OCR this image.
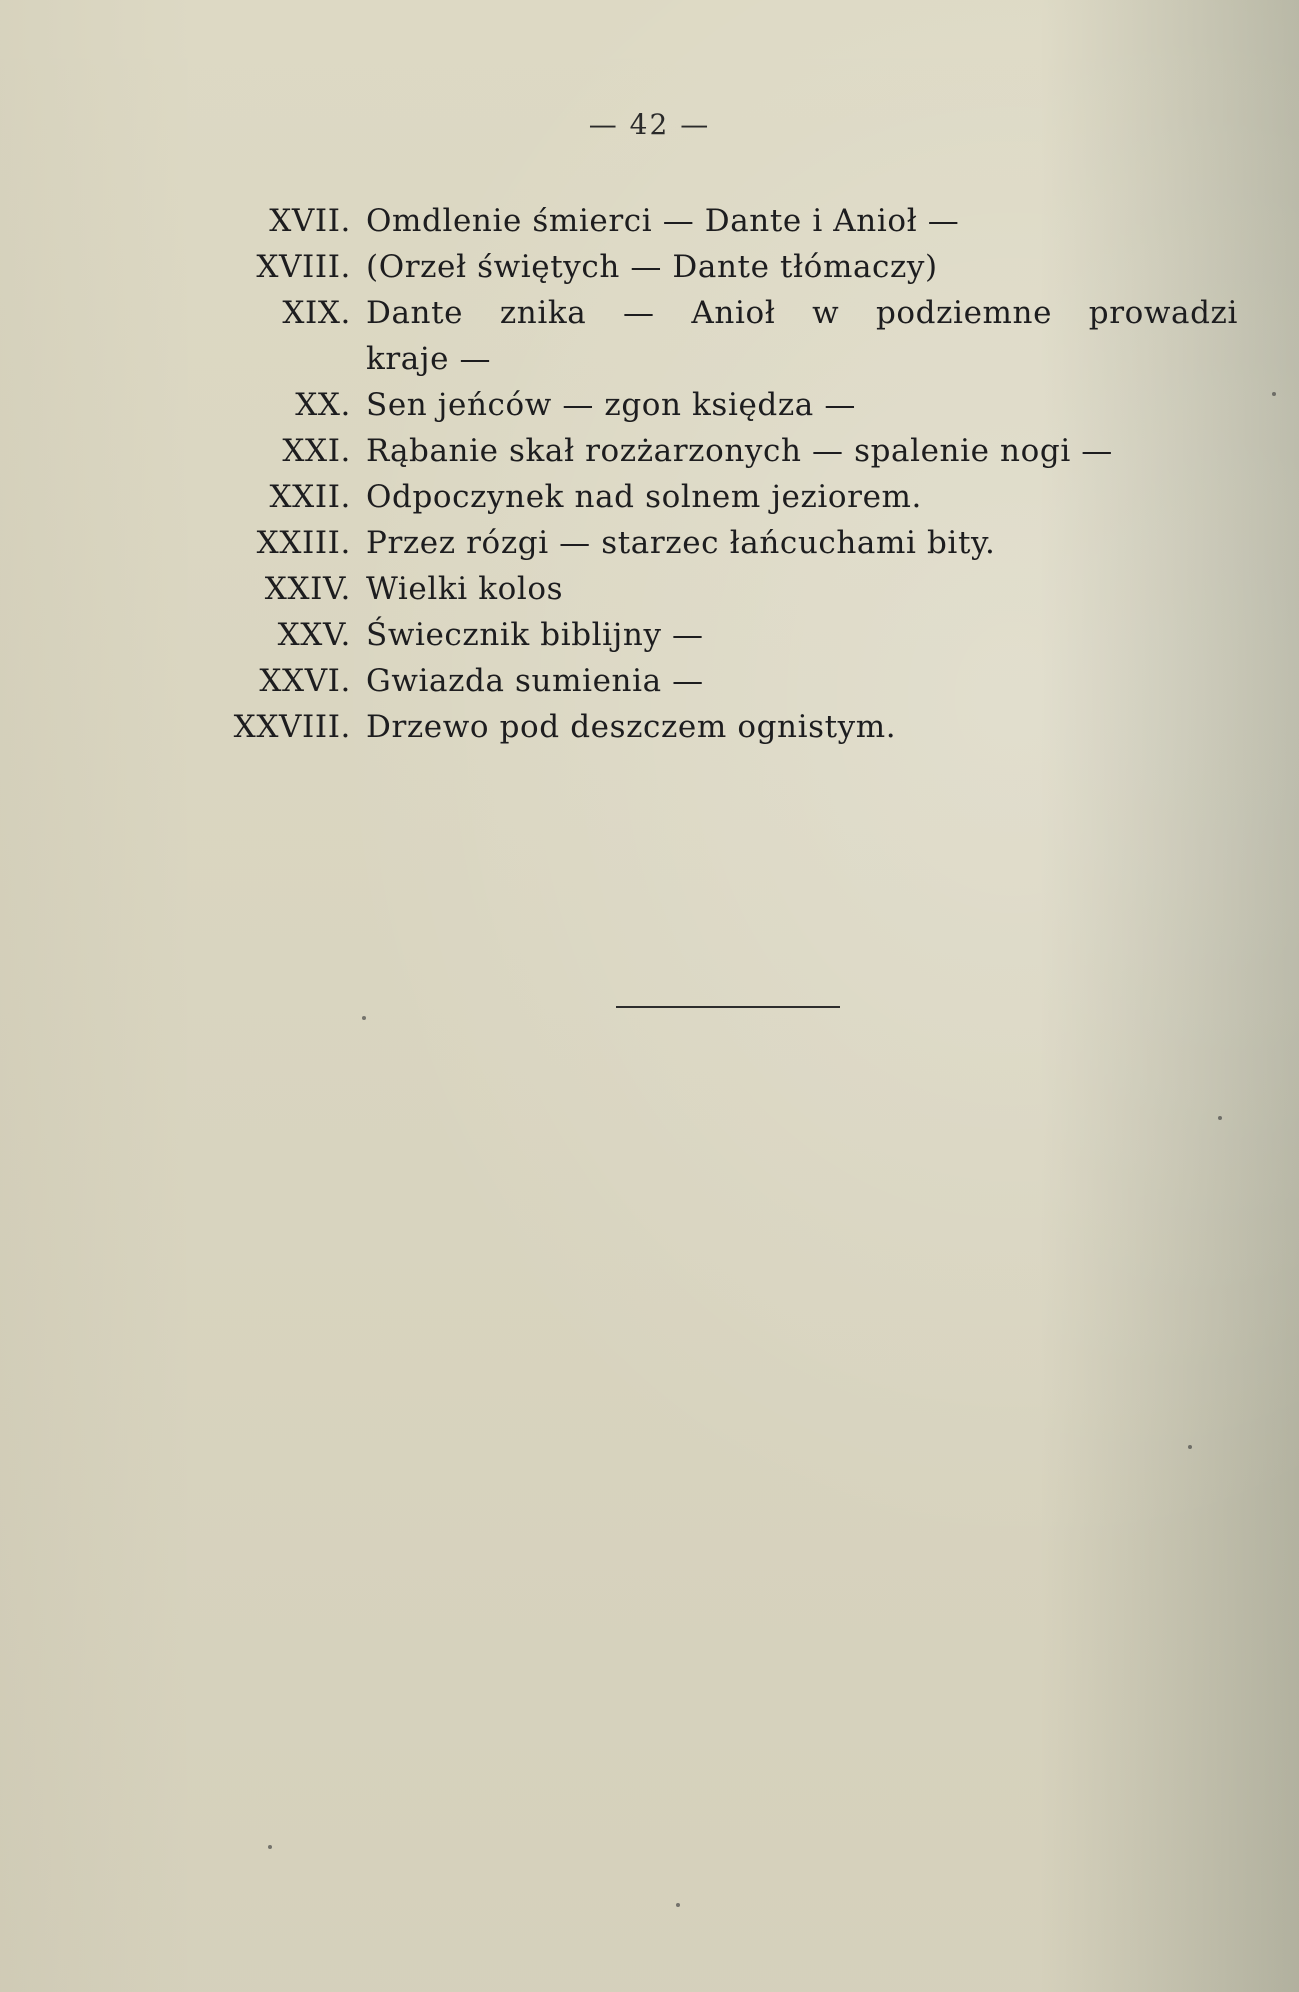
— 42 —
XVII. Omdlenie śmierci — Dante i Anioł —
XVIII. (Orzeł świętych — Dante tłómaczy)
XIX. Dante znika — Anioł w podziemne prowadzi
kraje —
XX. Sen jeńców — zgon księdza —
XXI. Rąbanie skał rozżarzonych — spalenie nogi —
XXII. Odpoczynek nad solnem jeziorem.
XXIII. Przez rózgi — starzec łańcuchami bity.
XXIV. Wielki kolos
XXV. Świecznik biblijny —
XXVI. Gwiazda sumienia —
XXVIII. Drzewo pod deszczem ognistym.
